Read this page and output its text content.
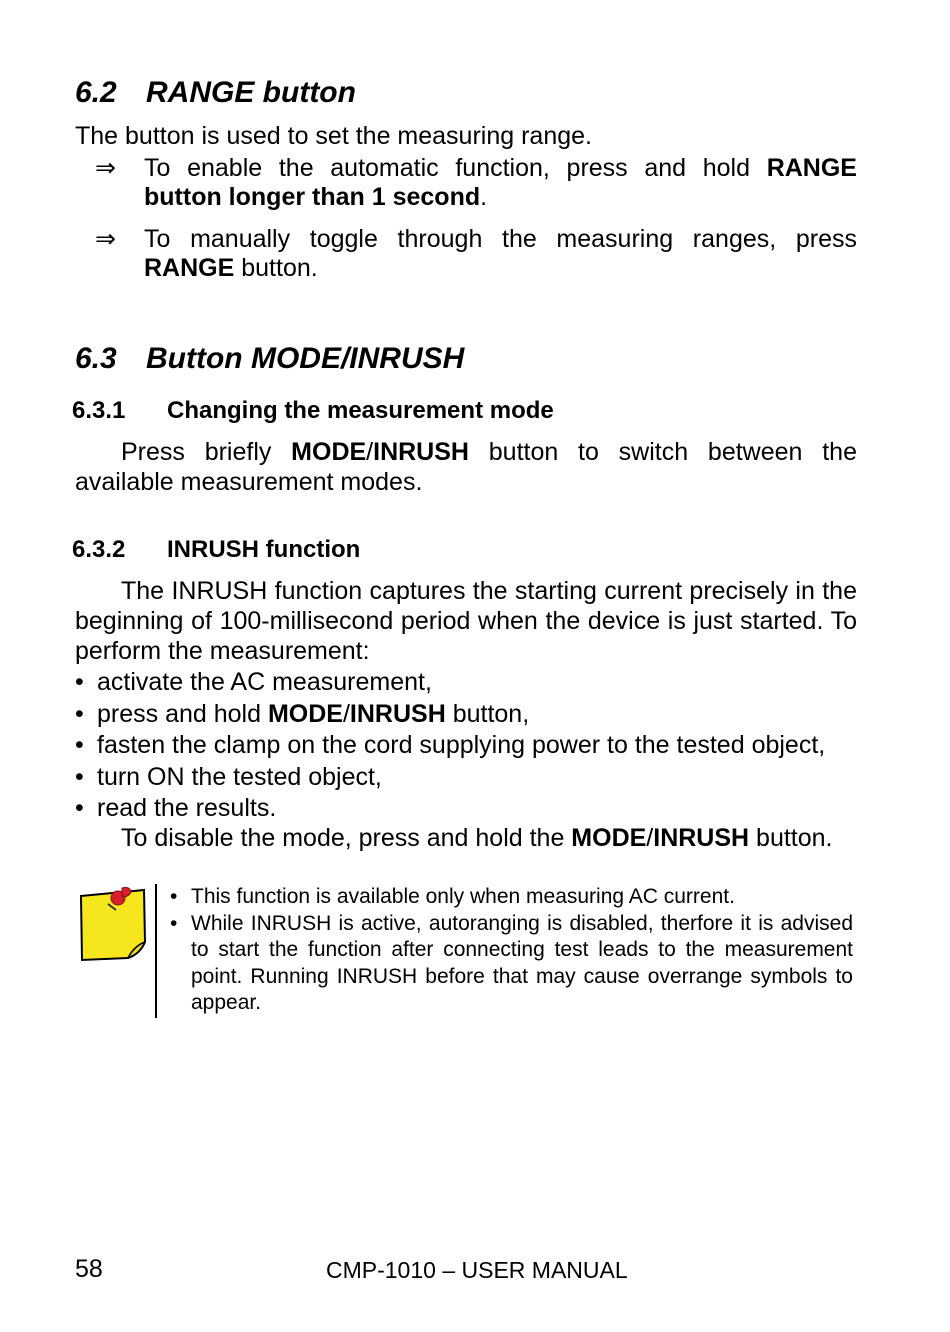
6.2 RANGE button
The button is used to set the measuring range.
⇒	To enable the automatic function, press and hold RANGE button longer than 1 second.
⇒	To manually toggle through the measuring ranges, press RANGE button.
6.3 Button MODE/INRUSH
6.3.1 Changing the measurement mode
Press briefly MODE/INRUSH button to switch between the available measurement modes.
6.3.2 INRUSH function
The INRUSH function captures the starting current precisely in the beginning of 100-millisecond period when the device is just started. To perform the measurement:
• activate the AC measurement,
• press and hold MODE/INRUSH button,
• fasten the clamp on the cord supplying power to the tested object,
• turn ON the tested object,
• read the results.
To disable the mode, press and hold the MODE/INRUSH button.
• This function is available only when measuring AC current.
• While INRUSH is active, autoranging is disabled, therfore it is advised to start the function after connecting test leads to the measurement point. Running INRUSH before that may cause overrange symbols to appear.
58	CMP-1010 – USER MANUAL
